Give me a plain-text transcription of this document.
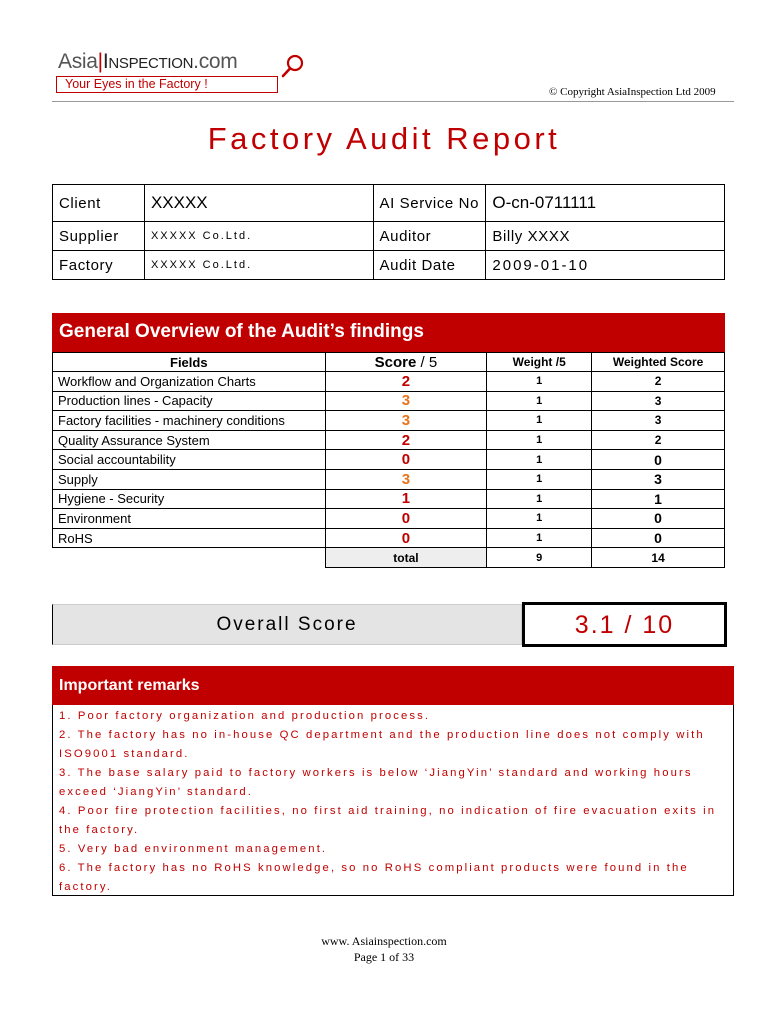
Asia|Inspection.com
Your Eyes in the Factory !
© Copyright AsiaInspection Ltd 2009
Factory Audit Report
Client	XXXXX	AI Service No	O-cn-0711111
Supplier	XXXXX Co.Ltd.	Auditor	Billy XXXX
Factory	XXXXX Co.Ltd.	Audit Date	2009-01-10
General Overview of the Audit’s findings
Fields	Score / 5	Weight /5	Weighted Score
Workflow and Organization Charts	2	1	2
Production lines - Capacity	3	1	3
Factory facilities - machinery conditions	3	1	3
Quality Assurance System	2	1	2
Social accountability	0	1	0
Supply	3	1	3
Hygiene - Security	1	1	1
Environment	0	1	0
RoHS	0	1	0
	total	9	14
Overall Score	3.1 / 10
Important remarks

1. Poor factory organization and production process.

2. The factory has no in-house QC department and the production line does not comply with ISO9001 standard.

3. The base salary paid to factory workers is below ‘JiangYin’ standard and working hours exceed ‘JiangYin’ standard.

4. Poor fire protection facilities, no first aid training, no indication of fire evacuation exits in the factory.

5. Very bad environment management.

6. The factory has no RoHS knowledge, so no RoHS compliant products were found in the factory.

www. Asiainspection.com
Page 1 of 33
